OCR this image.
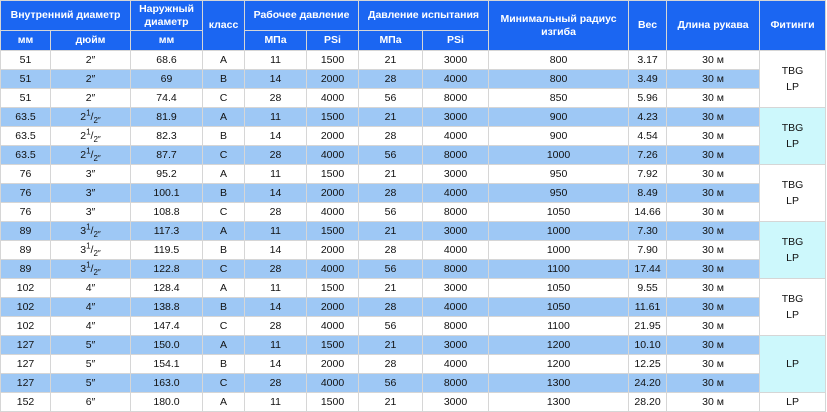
Внутренний диаметр		Наружный диаметр	класс	Рабочее давление		Давление испытания		Минимальный радиус изгиба	Вес	Длина рукава	Фитинги
мм	дюйм	мм		МПа	PSi	МПа	PSi				
51	2″	68.6	A	11	1500	21	3000	800	3.17	30 м	TBG
LP
51	2″	69	B	14	2000	28	4000	800	3.49	30 м	
51	2″	74.4	C	28	4000	56	8000	850	5.96	30 м	
63.5	$2^1/_{2''}$	81.9	A	11	1500	21	3000	900	4.23	30 м	TBG
LP
63.5	$2^1/_{2''}$	82.3	B	14	2000	28	4000	900	4.54	30 м	
63.5	$2^1/_{2''}$	87.7	C	28	4000	56	8000	1000	7.26	30 м	
76	3″	95.2	A	11	1500	21	3000	950	7.92	30 м	TBG
LP
76	3″	100.1	B	14	2000	28	4000	950	8.49	30 м	
76	3″	108.8	C	28	4000	56	8000	1050	14.66	30 м	
89	$3^1/_{2''}$	117.3	A	11	1500	21	3000	1000	7.30	30 м	TBG
LP
89	$3^1/_{2''}$	119.5	B	14	2000	28	4000	1000	7.90	30 м	
89	$3^1/_{2''}$	122.8	C	28	4000	56	8000	1100	17.44	30 м	
102	4″	128.4	A	11	1500	21	3000	1050	9.55	30 м	TBG
LP
102	4″	138.8	B	14	2000	28	4000	1050	11.61	30 м	
102	4″	147.4	C	28	4000	56	8000	1100	21.95	30 м	
127	5″	150.0	A	11	1500	21	3000	1200	10.10	30 м	LP
127	5″	154.1	B	14	2000	28	4000	1200	12.25	30 м	
127	5″	163.0	C	28	4000	56	8000	1300	24.20	30 м	
152	6″	180.0	A	11	1500	21	3000	1300	28.20	30 м	LP
